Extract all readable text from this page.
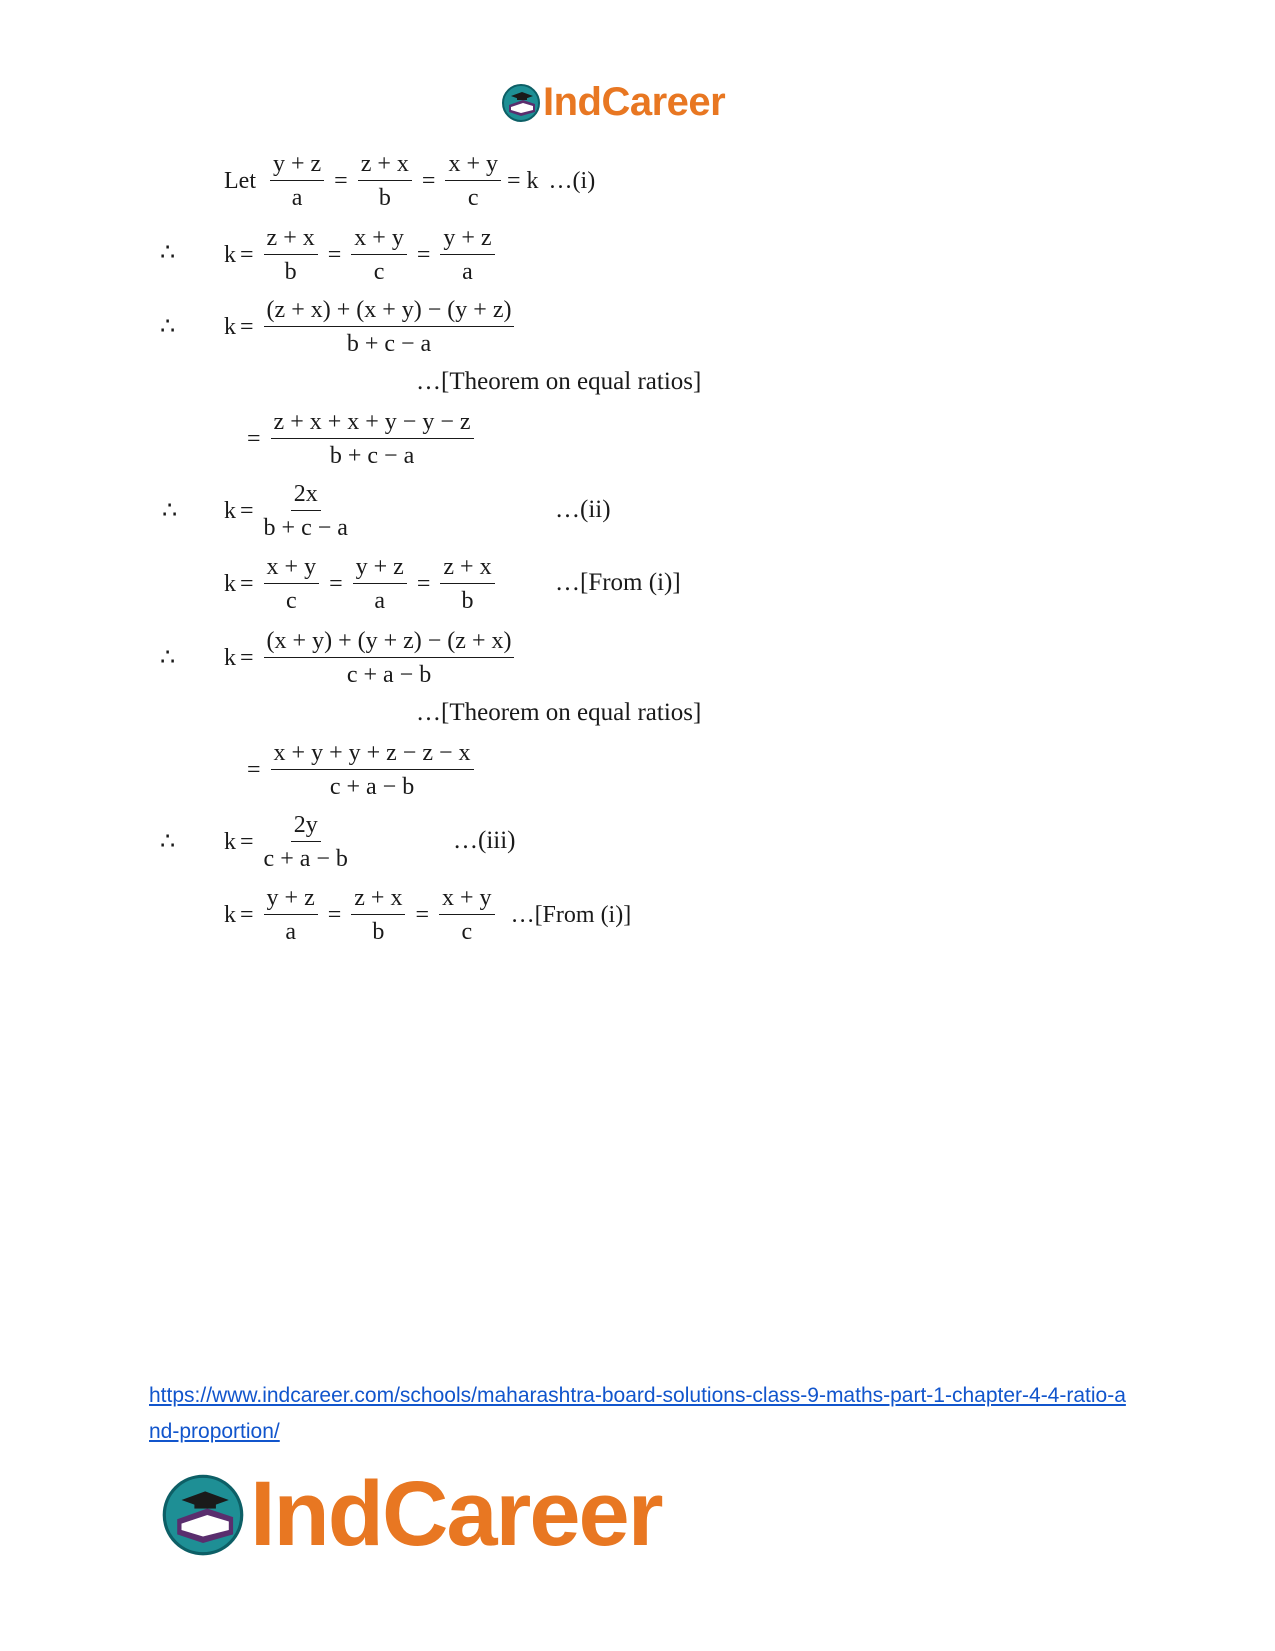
IndCareer
Let $\frac{y + z}{a} = \frac{z + x}{b} = \frac{x + y}{c} = k$ …(i)
∴ $k = \frac{z + x}{b} = \frac{x + y}{c} = \frac{y + z}{a}$
∴ $k = \frac{(z + x) + (x + y) - (y + z)}{b + c - a}$
…[Theorem on equal ratios]
= $\frac{z + x + x + y - y - z}{b + c - a}$
∴ $k = \frac{2x}{b + c - a}$	…(ii)
$k = \frac{x + y}{c} = \frac{y + z}{a} = \frac{z + x}{b}$ …[From (i)]
∴ $k = \frac{(x + y) + (y + z) - (z + x)}{c + a - b}$
…[Theorem on equal ratios]
= $\frac{x + y + y + z - z - x}{c + a - b}$
∴ $k = \frac{2y}{c + a - b}$	…(iii)
$k = \frac{y + z}{a} = \frac{z + x}{b} = \frac{x + y}{c}$ …[From (i)]
https://www.indcareer.com/schools/maharashtra-board-solutions-class-9-maths-part-1-chapter-4-4-ratio-and-proportion/
IndCareer
